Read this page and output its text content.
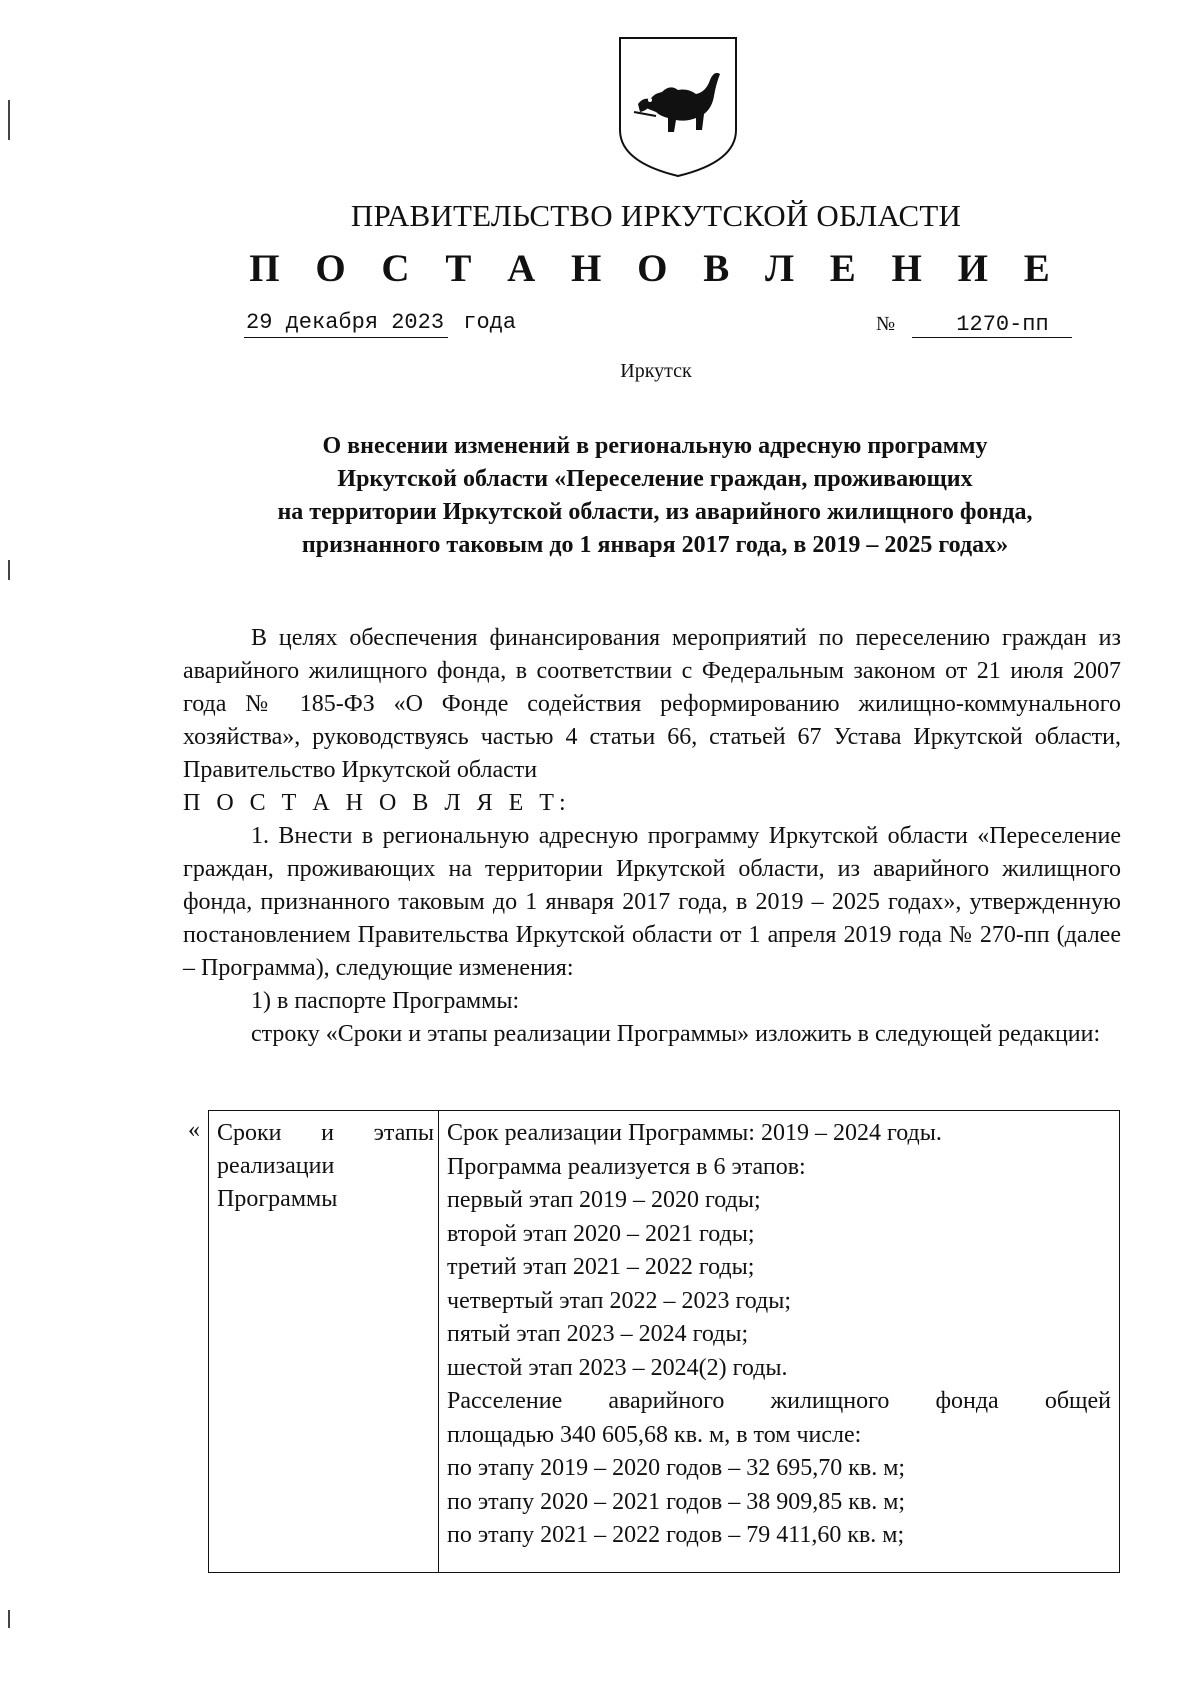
ПРАВИТЕЛЬСТВО ИРКУТСКОЙ ОБЛАСТИ
П О С Т А Н О В Л Е Н И Е
29 декабря 2023 года	№	1270-пп
Иркутск
О внесении изменений в региональную адресную программу
Иркутской области «Переселение граждан, проживающих
на территории Иркутской области, из аварийного жилищного фонда,
признанного таковым до 1 января 2017 года, в 2019 – 2025 годах»
В целях обеспечения финансирования мероприятий по переселению граждан из аварийного жилищного фонда, в соответствии с Федеральным законом от 21 июля 2007 года № 185-ФЗ «О Фонде содействия реформированию жилищно-коммунального хозяйства», руководствуясь частью 4 статьи 66, статьей 67 Устава Иркутской области, Правительство Иркутской области
П О С Т А Н О В Л Я Е Т:
1. Внести в региональную адресную программу Иркутской области «Переселение граждан, проживающих на территории Иркутской области, из аварийного жилищного фонда, признанного таковым до 1 января 2017 года, в 2019 – 2025 годах», утвержденную постановлением Правительства Иркутской области от 1 апреля 2019 года № 270-пп (далее – Программа), следующие изменения:
1) в паспорте Программы:
строку «Сроки и этапы реализации Программы» изложить в следующей редакции:
« Сроки и этапы реализации Программы
Срок реализации Программы: 2019 – 2024 годы.
Программа реализуется в 6 этапов:
первый этап 2019 – 2020 годы;
второй этап 2020 – 2021 годы;
третий этап 2021 – 2022 годы;
четвертый этап 2022 – 2023 годы;
пятый этап 2023 – 2024 годы;
шестой этап 2023 – 2024(2) годы.
Расселение аварийного жилищного фонда общей
площадью 340 605,68 кв. м, в том числе:
по этапу 2019 – 2020 годов – 32 695,70 кв. м;
по этапу 2020 – 2021 годов – 38 909,85 кв. м;
по этапу 2021 – 2022 годов – 79 411,60 кв. м;
